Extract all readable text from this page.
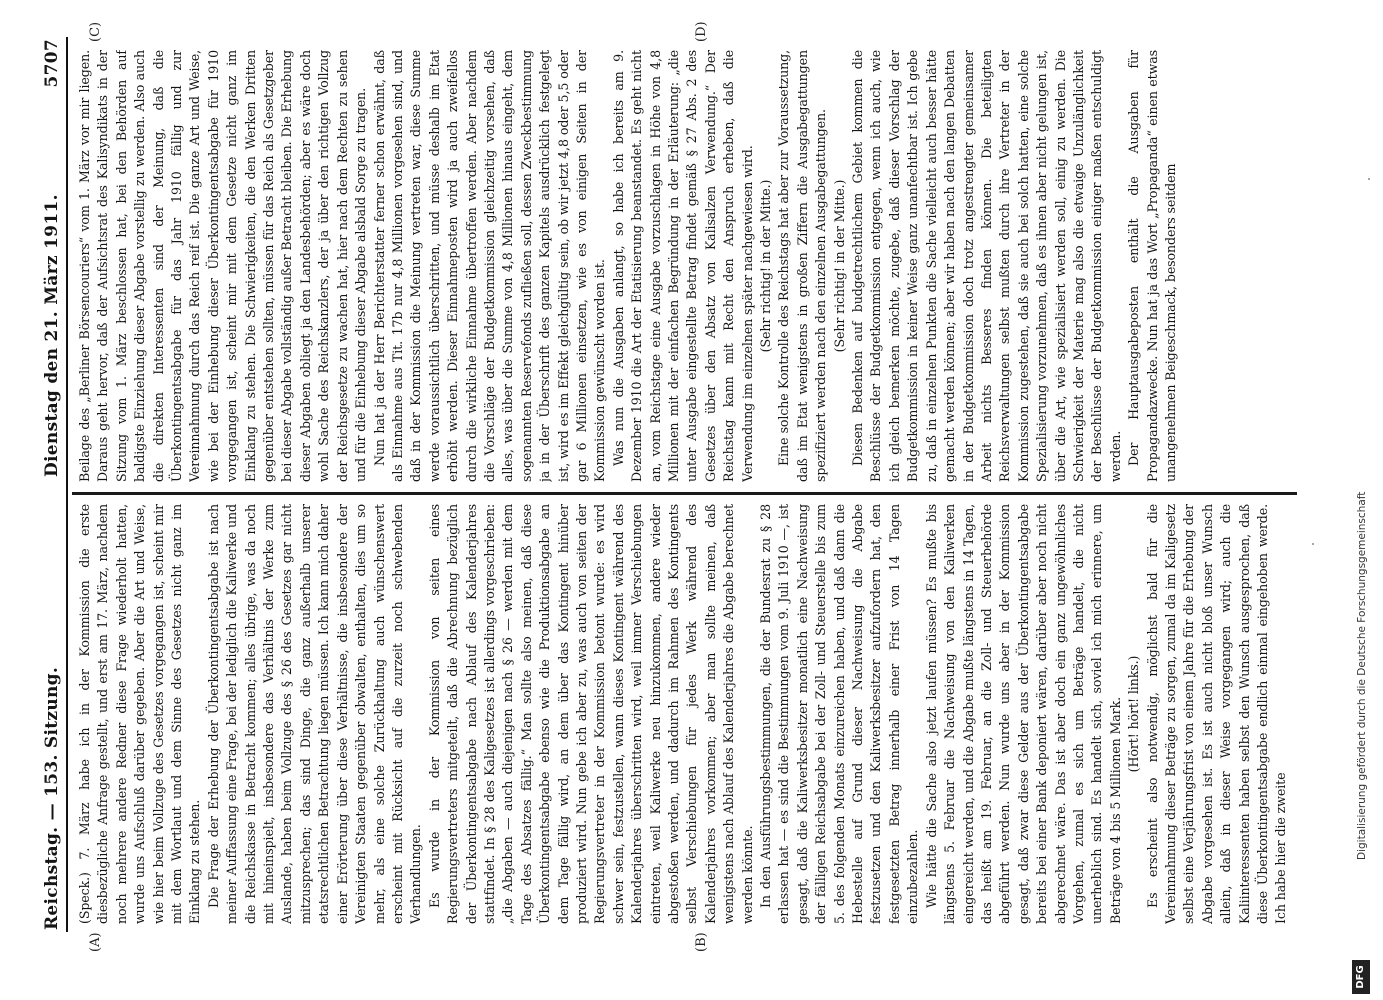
Reichstag. — 153. Sitzung.
Dienstag den 21. März 1911.
5707
(A)	(B)
(C)	(D)

(Speck.) 7. März habe ich in der Kommission die erste diesbezügliche Anfrage gestellt, und erst am 17. März, nachdem noch mehrere andere Redner diese Frage wiederholt hatten, wurde uns Aufschluß darüber gegeben. Aber die Art und Weise, wie hier beim Vollzuge des Gesetzes vorgegangen ist, scheint mir mit dem Wortlaut und dem Sinne des Gesetzes nicht ganz im Einklang zu stehen. Die Frage der Erhebung der Überkontingentsabgabe ist nach meiner Auffassung eine Frage, bei der lediglich die Kaliwerke und die Reichskasse in Betracht kommen; alles übrige, was da noch mit hineinspielt, insbesondere das Verhältnis der Werke zum Auslande, haben beim Vollzuge des § 26 des Gesetzes gar nicht mitzusprechen; das sind Dinge, die ganz außerhalb unserer etatsrechtlichen Betrachtung liegen müssen. Ich kann mich daher einer Erörterung über diese Verhältnisse, die insbesondere der Vereinigten Staaten gegenüber obwalten, enthalten, dies um so mehr, als eine solche Zurückhaltung auch wünschenswert erscheint mit Rücksicht auf die zurzeit noch schwebenden Verhandlungen. Es wurde in der Kommission von seiten eines Regierungsvertreters mitgeteilt, daß die Abrechnung bezüglich der Überkontingentsabgabe nach Ablauf des Kalenderjahres stattfindet. In § 28 des Kaligesetzes ist allerdings vorgeschrieben: „die Abgaben — auch diejenigen nach § 26 — werden mit dem Tage des Absatzes fällig.“ Man sollte also meinen, daß diese Überkontingentsabgabe ebenso wie die Produktionsabgabe an dem Tage fällig wird, an dem über das Kontingent hinüber produziert wird. Nun gebe ich aber zu, was auch von seiten der Regierungsvertreter in der Kommission betont wurde: es wird schwer sein, festzustellen, wann dieses Kontingent während des Kalenderjahres überschritten wird, weil immer Verschiebungen eintreten, weil Kaliwerke neu hinzukommen, andere wieder abgestoßen werden, und dadurch im Rahmen des Kontingents selbst Verschiebungen für jedes Werk während des Kalenderjahres vorkommen; aber man sollte meinen, daß wenigstens nach Ablauf des Kalenderjahres die Abgabe berechnet werden könnte. In den Ausführungsbestimmungen, die der Bundesrat zu § 28 erlassen hat — es sind die Bestimmungen vom 9. Juli 1910 —, ist gesagt, daß die Kaliwerksbesitzer monatlich eine Nachweisung der fälligen Reichsabgabe bei der Zoll- und Steuerstelle bis zum 5. des folgenden Monats einzureichen haben, und daß dann die Hebestelle auf Grund dieser Nachweisung die Abgabe festzusetzen und den Kaliwerksbesitzer aufzufordern hat, den festgesetzten Betrag innerhalb einer Frist von 14 Tagen einzubezahlen. Wie hätte die Sache also jetzt laufen müssen? Es mußte bis längstens 5. Februar die Nachweisung von den Kaliwerken eingereicht werden, und die Abgabe mußte längstens in 14 Tagen, das heißt am 19. Februar, an die Zoll- und Steuerbehörde abgeführt werden. Nun wurde uns aber in der Kommission gesagt, daß zwar diese Gelder aus der Überkontingentsabgabe bereits bei einer Bank deponiert wären, darüber aber noch nicht abgerechnet wäre. Das ist aber doch ein ganz ungewöhnliches Vorgehen, zumal es sich um Beträge handelt, die nicht unerheblich sind. Es handelt sich, soviel ich mich erinnere, um Beträge von 4 bis 5 Millionen Mark. (Hört! hört! links.) Es erscheint also notwendig, möglichst bald für die Vereinnahmung dieser Beträge zu sorgen, zumal da im Kaligesetz selbst eine Verjährungsfrist von einem Jahre für die Erhebung der Abgabe vorgesehen ist. Es ist auch nicht bloß unser Wunsch allein, daß in dieser Weise vorgegangen wird; auch die Kaliinteressenten haben selbst den Wunsch ausgesprochen, daß diese Überkontingentsabgabe endlich einmal eingehoben werde. Ich habe hier die zweite

Beilage des „Berliner Börsencouriers“ vom 1. März vor mir liegen. Daraus geht hervor, daß der Aufsichtsrat des Kalisyndikats in der Sitzung vom 1. März beschlossen hat, bei den Behörden auf baldigste Einziehung dieser Abgabe vorstellig zu werden. Also auch die direkten Interessenten sind der Meinung, daß die Überkontingentsabgabe für das Jahr 1910 fällig und zur Vereinnahmung durch das Reich reif ist. Die ganze Art und Weise, wie bei der Einhebung dieser Überkontingentsabgabe für 1910 vorgegangen ist, scheint mir mit dem Gesetze nicht ganz im Einklang zu stehen. Die Schwierigkeiten, die den Werken Dritten gegenüber entstehen sollten, müssen für das Reich als Gesetzgeber bei dieser Abgabe vollständig außer Betracht bleiben. Die Erhebung dieser Abgaben obliegt ja den Landesbehörden; aber es wäre doch wohl Sache des Reichskanzlers, der ja über den richtigen Vollzug der Reichsgesetze zu wachen hat, hier nach dem Rechten zu sehen und für die Einhebung dieser Abgabe alsbald Sorge zu tragen. Nun hat ja der Herr Berichterstatter ferner schon erwähnt, daß als Einnahme aus Tit. 17b nur 4,8 Millionen vorgesehen sind, und daß in der Kommission die Meinung vertreten war, diese Summe werde voraussichtlich überschritten, und müsse deshalb im Etat erhöht werden. Dieser Einnahmeposten wird ja auch zweifellos durch die wirkliche Einnahme übertroffen werden. Aber nachdem die Vorschläge der Budgetkommission gleichzeitig vorsehen, daß alles, was über die Summe von 4,8 Millionen hinaus eingeht, dem sogenannten Reservefonds zufließen soll, dessen Zweckbestimmung ja in der Überschrift des ganzen Kapitels ausdrücklich festgelegt ist, wird es im Effekt gleichgültig sein, ob wir jetzt 4,8 oder 5,5 oder gar 6 Millionen einsetzen, wie es von einigen Seiten in der Kommission gewünscht worden ist. Was nun die Ausgaben anlangt, so habe ich bereits am 9. Dezember 1910 die Art der Etatisierung beanstandet. Es geht nicht an, vom Reichstage eine Ausgabe vorzuschlagen in Höhe von 4,8 Millionen mit der einfachen Begründung in der Erläuterung: „die unter Ausgabe eingestellte Betrag findet gemäß § 27 Abs. 2 des Gesetzes über den Absatz von Kalisalzen Verwendung.“ Der Reichstag kann mit Recht den Anspruch erheben, daß die Verwendung im einzelnen später nachgewiesen wird. (Sehr richtig! in der Mitte.) Eine solche Kontrolle des Reichstags hat aber zur Voraussetzung, daß im Etat wenigstens in großen Ziffern die Ausgabegattungen spezifiziert werden nach den einzelnen Ausgabegattungen. (Sehr richtig! in der Mitte.) Diesen Bedenken auf budgetrechtlichem Gebiet kommen die Beschlüsse der Budgetkommission entgegen, wenn ich auch, wie ich gleich bemerken möchte, zugebe, daß dieser Vorschlag der Budgetkommission in keiner Weise ganz unanfechtbar ist. Ich gebe zu, daß in einzelnen Punkten die Sache vielleicht auch besser hätte gemacht werden können; aber wir haben nach den langen Debatten in der Budgetkommission doch trotz angestrengter gemeinsamer Arbeit nichts Besseres finden können. Die beteiligten Reichsverwaltungen selbst mußten durch ihre Vertreter in der Kommission zugestehen, daß sie auch bei solch hatten, eine solche Spezialisierung vorzunehmen, daß es ihnen aber nicht gelungen ist, über die Art, wie spezialisiert werden soll, einig zu werden. Die Schwierigkeit der Materie mag also die etwaige Unzulänglichkeit der Beschlüsse der Budgetkommission einiger maßen entschuldigt werden. Der Hauptausgabeposten enthält die Ausgaben für Propagandazwecke. Nun hat ja das Wort „Propaganda“ einen etwas unangenehmen Beigeschmack, besonders seitdem

DFG
Digitalisierung gefördert durch die Deutsche Forschungsgemeinschaft
